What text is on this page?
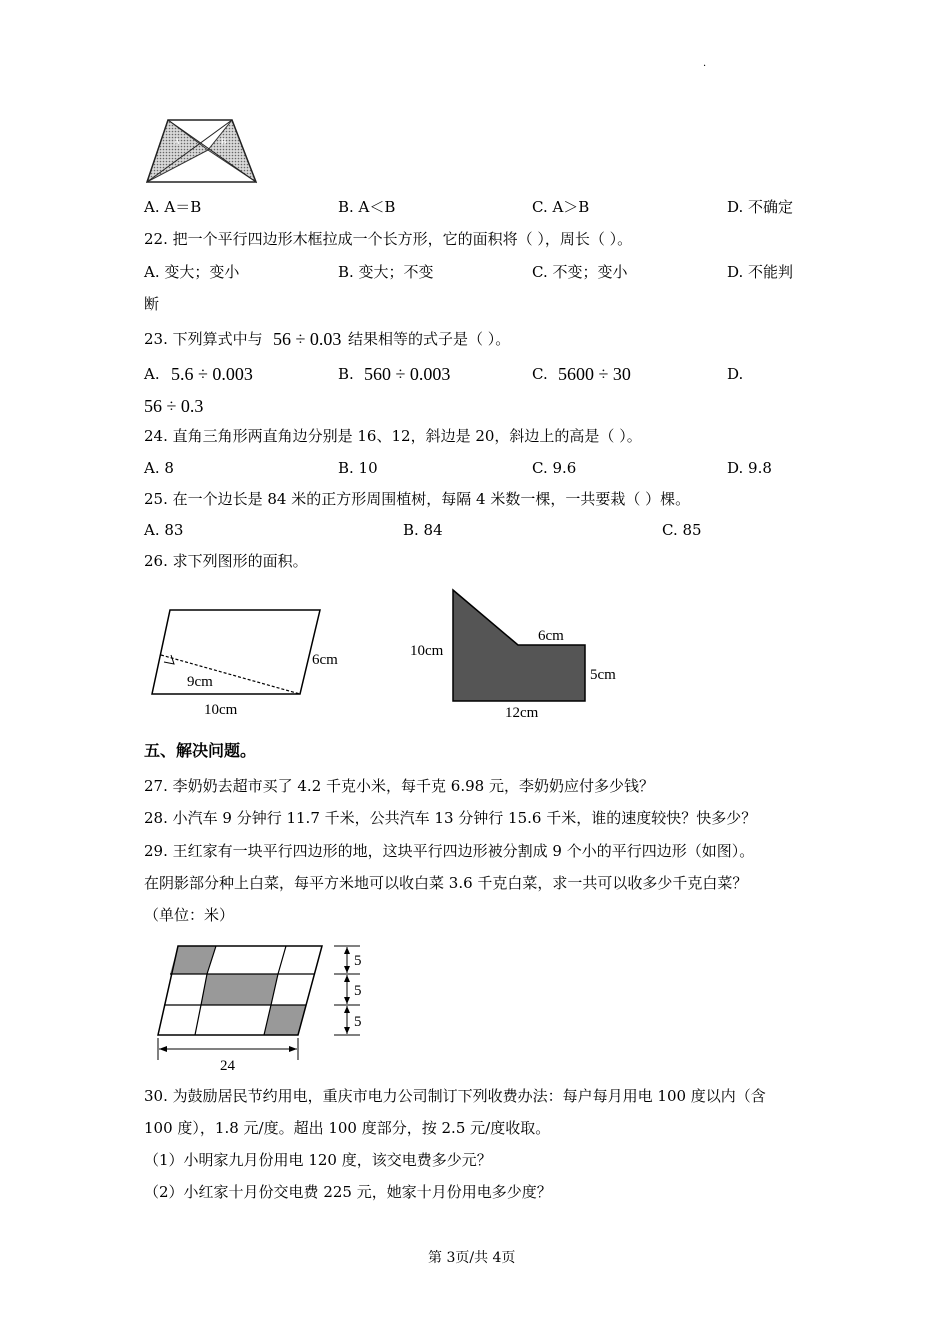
·
A	B
A. A＝B	B. A＜B	C. A＞B	D. 不确定
22. 把一个平行四边形木框拉成一个长方形，它的面积将（ ），周长（ ）。
A. 变大；变小	B. 变大；不变	C. 不变；变小	D. 不能判
断
23. 下列算式中与 56 ÷ 0.03 结果相等的式子是（ ）。
A. 5.6 ÷ 0.003	B. 560 ÷ 0.003	C. 5600 ÷ 30	D.
56 ÷ 0.3
24. 直角三角形两直角边分别是 16、12，斜边是 20，斜边上的高是（ ）。
A. 8	B. 10	C. 9.6	D. 9.8
25. 在一个边长是 84 米的正方形周围植树，每隔 4 米数一棵，一共要栽（ ）棵。
A. 83	B. 84	C. 85
26. 求下列图形的面积。
6cm
9cm
10cm
10cm
6cm
5cm
12cm
五、解决问题。
27. 李奶奶去超市买了 4.2 千克小米，每千克 6.98 元，李奶奶应付多少钱？
28. 小汽车 9 分钟行 11.7 千米，公共汽车 13 分钟行 15.6 千米，谁的速度较快？快多少？
29. 王红家有一块平行四边形的地，这块平行四边形被分割成 9 个小的平行四边形（如图）。
在阴影部分种上白菜，每平方米地可以收白菜 3.6 千克白菜，求一共可以收多少千克白菜？
（单位：米）
5
5
5
24
30. 为鼓励居民节约用电，重庆市电力公司制订下列收费办法：每户每月用电 100 度以内（含
100 度），1.8 元/度。超出 100 度部分，按 2.5 元/度收取。
（1）小明家九月份用电 120 度，该交电费多少元？
（2）小红家十月份交电费 225 元，她家十月份用电多少度？
第 3页/共 4页
